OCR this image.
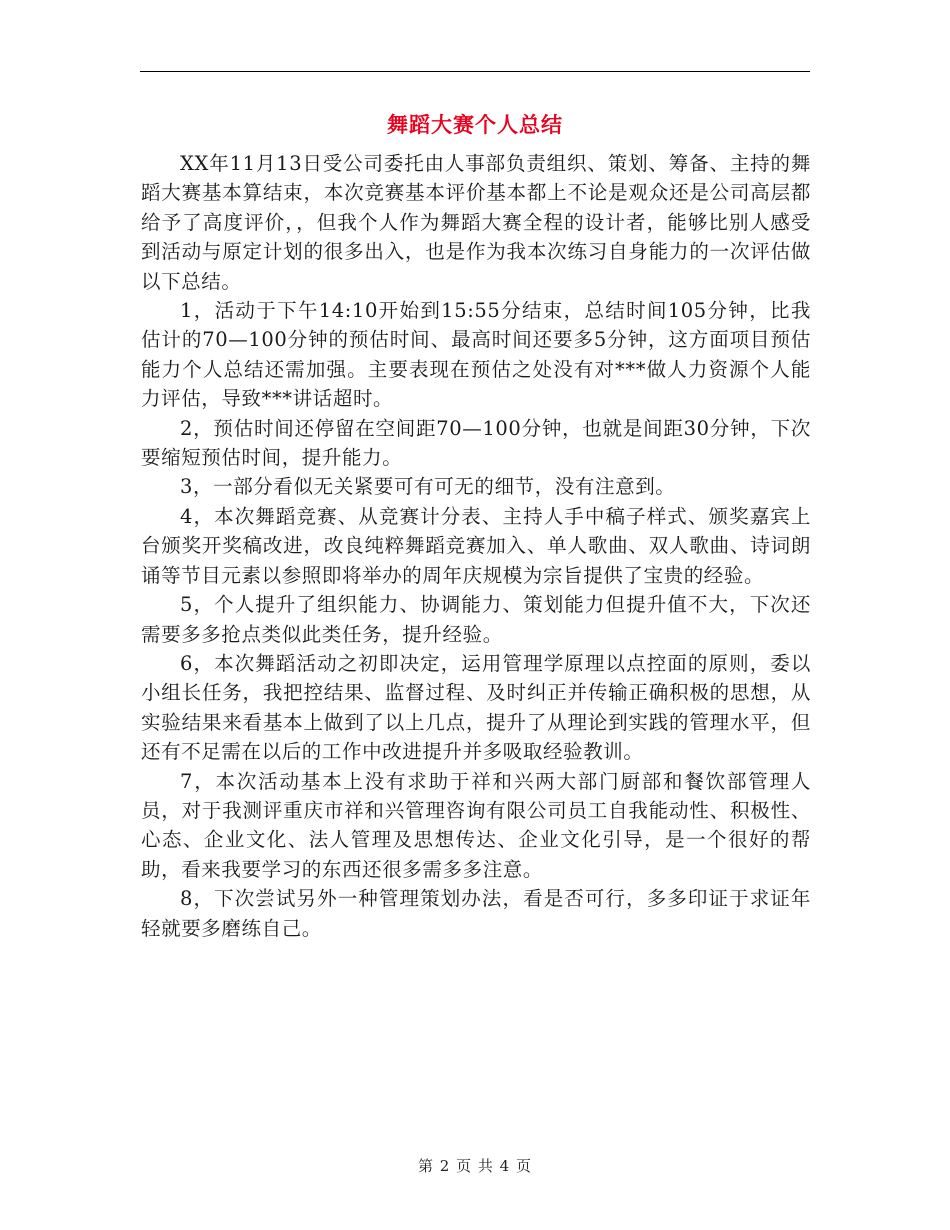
舞蹈大赛个人总结

XX年11月13日受公司委托由人事部负责组织、策划、筹备、主持的舞蹈大赛基本算结束，本次竞赛基本评价基本都上不论是观众还是公司高层都给予了高度评价，，但我个人作为舞蹈大赛全程的设计者，能够比别人感受到活动与原定计划的很多出入，也是作为我本次练习自身能力的一次评估做以下总结。

1，活动于下午14:10开始到15:55分结束，总结时间105分钟，比我估计的70—100分钟的预估时间、最高时间还要多5分钟，这方面项目预估能力个人总结还需加强。主要表现在预估之处没有对***做人力资源个人能力评估，导致***讲话超时。

2，预估时间还停留在空间距70—100分钟，也就是间距30分钟，下次要缩短预估时间，提升能力。

3，一部分看似无关紧要可有可无的细节，没有注意到。

4，本次舞蹈竞赛、从竞赛计分表、主持人手中稿子样式、颁奖嘉宾上台颁奖开奖稿改进，改良纯粹舞蹈竞赛加入、单人歌曲、双人歌曲、诗词朗诵等节目元素以参照即将举办的周年庆规模为宗旨提供了宝贵的经验。

5，个人提升了组织能力、协调能力、策划能力但提升值不大，下次还需要多多抢点类似此类任务，提升经验。

6，本次舞蹈活动之初即决定，运用管理学原理以点控面的原则，委以小组长任务，我把控结果、监督过程、及时纠正并传输正确积极的思想，从实验结果来看基本上做到了以上几点，提升了从理论到实践的管理水平，但还有不足需在以后的工作中改进提升并多吸取经验教训。

7，本次活动基本上没有求助于祥和兴两大部门厨部和餐饮部管理人员，对于我测评重庆市祥和兴管理咨询有限公司员工自我能动性、积极性、心态、企业文化、法人管理及思想传达、企业文化引导，是一个很好的帮助，看来我要学习的东西还很多需多多注意。

8，下次尝试另外一种管理策划办法，看是否可行，多多印证于求证年轻就要多磨练自己。

第 2 页 共 4 页
